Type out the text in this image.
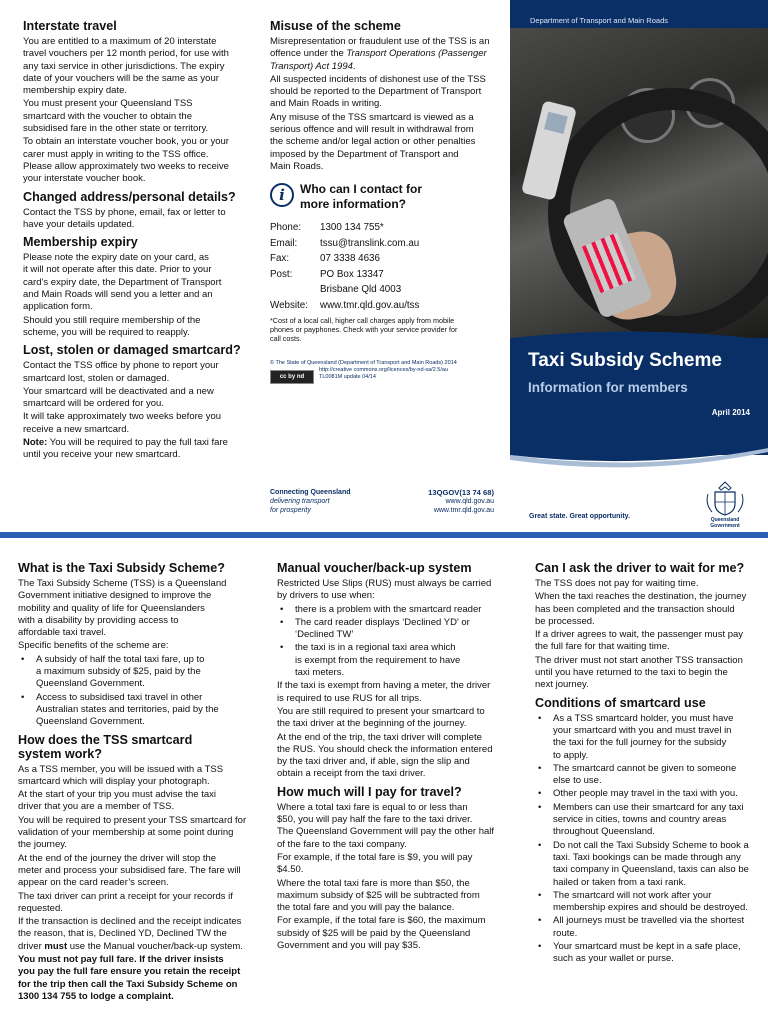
Interstate travel

You are entitled to a maximum of 20 interstate
travel vouchers per 12 month period, for use with
any taxi service in other jurisdictions. The expiry
date of your vouchers will be the same as your
membership expiry date.

You must present your Queensland TSS
smartcard with the voucher to obtain the
subsidised fare in the other state or territory.

To obtain an interstate voucher book, you or your
carer must apply in writing to the TSS office.
Please allow approximately two weeks to receive
your interstate voucher book.

Changed address/personal details?

Contact the TSS by phone, email, fax or letter to
have your details updated.

Membership expiry

Please note the expiry date on your card, as
it will not operate after this date. Prior to your
card’s expiry date, the Department of Transport
and Main Roads will send you a letter and an
application form.

Should you still require membership of the
scheme, you will be required to reapply.

Lost, stolen or damaged smartcard?

Contact the TSS office by phone to report your
smartcard lost, stolen or damaged.

Your smartcard will be deactivated and a new
smartcard will be ordered for you.

It will take approximately two weeks before you
receive a new smartcard.

Note: You will be required to pay the full taxi fare
until you receive your new smartcard.

Misuse of the scheme

Misrepresentation or fraudulent use of the TSS is an
offence under the Transport Operations (Passenger
Transport) Act 1994.

All suspected incidents of dishonest use of the TSS
should be reported to the Department of Transport
and Main Roads in writing.

Any misuse of the TSS smartcard is viewed as a
serious offence and will result in withdrawal from
the scheme and/or legal action or other penalties
imposed by the Department of Transport and
Main Roads.

i	Who can I contact for
more information?
Phone:	1300 134 755*
Email:	tssu@translink.com.au
Fax:	07 3338 4636
Post:	PO Box 13347
Brisbane Qld 4003
Website:	www.tmr.qld.gov.au/tss
*Cost of a local call, higher call charges apply from mobile
phones or payphones. Check with your service provider for
call costs.
© The State of Queensland (Department of Transport and Main Roads) 2014
cc by nd
http://creative commons.org/licences/by-nd-sa/2.5/au
TL0081M update 04/14
Department of Transport and Main Roads
Taxi Subsidy Scheme
Information for members
April 2014
Connecting Queensland
delivering transport
for prosperity
13QGOV(13 74 68)
www.qld.gov.au
www.tmr.qld.gov.au
Great state. Great opportunity.	Queensland
Government
What is the Taxi Subsidy Scheme?

The Taxi Subsidy Scheme (TSS) is a Queensland
Government initiative designed to improve the
mobility and quality of life for Queenslanders
with a disability by providing access to
affordable taxi travel.

Specific benefits of the scheme are:

• A subsidy of half the total taxi fare, up to
a maximum subsidy of $25, paid by the
Queensland Government.
• Access to subsidised taxi travel in other
Australian states and territories, paid by the
Queensland Government.
How does the TSS smartcard
system work?

As a TSS member, you will be issued with a TSS
smartcard which will display your photograph.

At the start of your trip you must advise the taxi
driver that you are a member of TSS.

You will be required to present your TSS smartcard for
validation of your membership at some point during
the journey.

At the end of the journey the driver will stop the
meter and process your subsidised fare. The fare will
appear on the card reader’s screen.

The taxi driver can print a receipt for your records if
requested.

If the transaction is declined and the receipt indicates
the reason, that is, Declined YD, Declined TW the
driver must use the Manual voucher/back-up system.

You must not pay full fare. If the driver insists
you pay the full fare ensure you retain the receipt
for the trip then call the Taxi Subsidy Scheme on
1300 134 755 to lodge a complaint.

Manual voucher/back-up system

Restricted Use Slips (RUS) must always be carried
by drivers to use when:

• there is a problem with the smartcard reader
• The card reader displays ‘Declined YD’ or
‘Declined TW’
• the taxi is in a regional taxi area which
is exempt from the requirement to have
taxi meters.

If the taxi is exempt from having a meter, the driver
is required to use RUS for all trips.

You are still required to present your smartcard to
the taxi driver at the beginning of the journey.

At the end of the trip, the taxi driver will complete
the RUS. You should check the information entered
by the taxi driver and, if able, sign the slip and
obtain a receipt from the taxi driver.

How much will I pay for travel?

Where a total taxi fare is equal to or less than
$50, you will pay half the fare to the taxi driver.
The Queensland Government will pay the other half
of the fare to the taxi company.

For example, if the total fare is $9, you will pay
$4.50.

Where the total taxi fare is more than $50, the
maximum subsidy of $25 will be subtracted from
the total fare and you will pay the balance.

For example, if the total fare is $60, the maximum
subsidy of $25 will be paid by the Queensland
Government and you will pay $35.

Can I ask the driver to wait for me?

The TSS does not pay for waiting time.

When the taxi reaches the destination, the journey
has been completed and the transaction should
be processed.

If a driver agrees to wait, the passenger must pay
the full fare for that waiting time.

The driver must not start another TSS transaction
until you have returned to the taxi to begin the
next journey.

Conditions of smartcard use
• As a TSS smartcard holder, you must have
your smartcard with you and must travel in
the taxi for the full journey for the subsidy
to apply.
• The smartcard cannot be given to someone
else to use.
• Other people may travel in the taxi with you.
• Members can use their smartcard for any taxi
service in cities, towns and country areas
throughout Queensland.
• Do not call the Taxi Subsidy Scheme to book a
taxi. Taxi bookings can be made through any
taxi company in Queensland, taxis can also be
hailed or taken from a taxi rank.
• The smartcard will not work after your
membership expires and should be destroyed.
• All journeys must be travelled via the shortest
route.
• Your smartcard must be kept in a safe place,
such as your wallet or purse.
